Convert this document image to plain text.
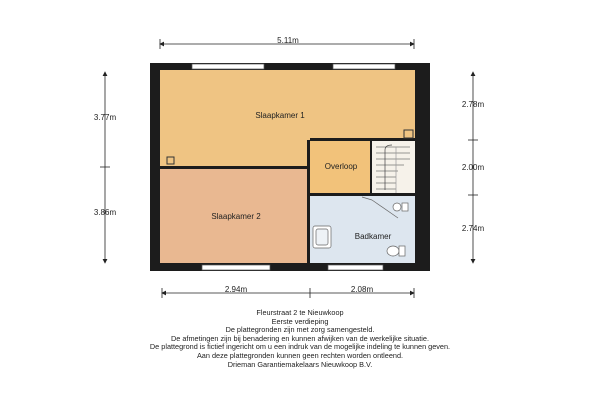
Slaapkamer 1
Slaapkamer 2
Overloop
Badkamer
5.11m
3.77m
3.86m
2.78m
2.00m
2.74m
2.94m	2.08m
Fleurstraat 2 te Nieuwkoop
Eerste verdieping
De plattegronden zijn met zorg samengesteld.
De afmetingen zijn bij benadering en kunnen afwijken van de werkelijke situatie.
De plattegrond is fictief ingericht om u een indruk van de mogelijke indeling te kunnen geven.
Aan deze plattegronden kunnen geen rechten worden ontleend.
Drieman Garantiemakelaars Nieuwkoop B.V.
